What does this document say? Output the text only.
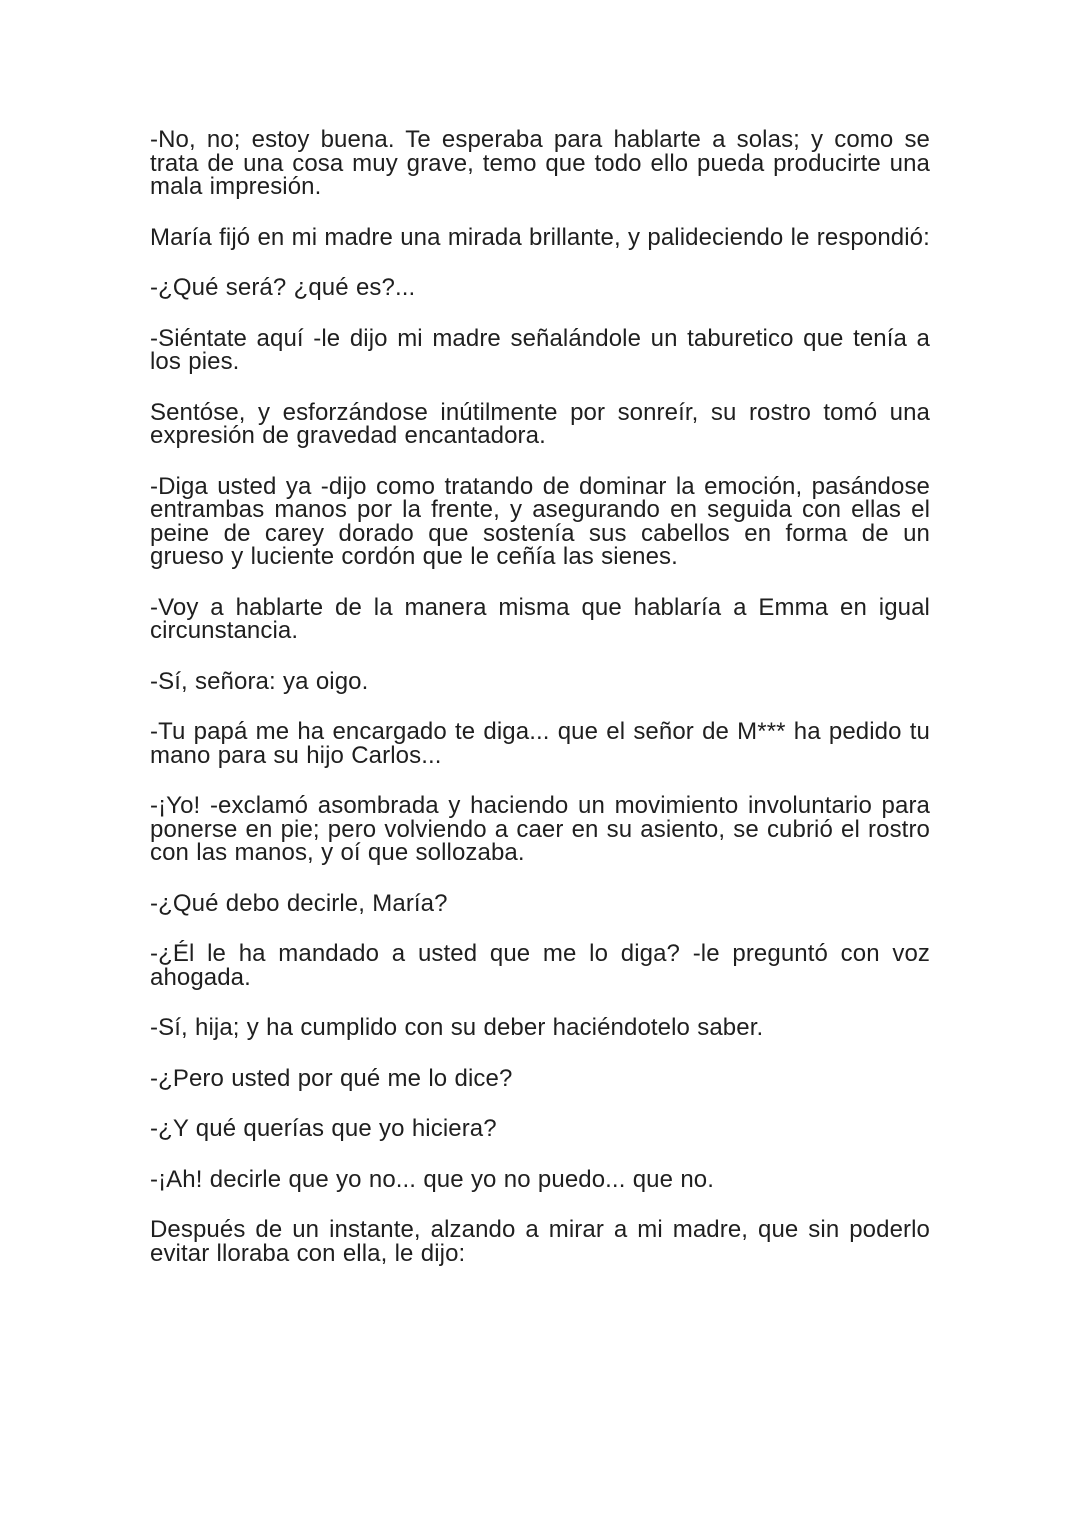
-No, no; estoy buena. Te esperaba para hablarte a solas; y como se trata de una cosa muy grave, temo que todo ello pueda producirte una mala impresión.

María fijó en mi madre una mirada brillante, y palideciendo le respondió:

-¿Qué será? ¿qué es?...

-Siéntate aquí -le dijo mi madre señalándole un taburetico que tenía a los pies.

Sentóse, y esforzándose inútilmente por sonreír, su rostro tomó una expresión de gravedad encantadora.

-Diga usted ya -dijo como tratando de dominar la emoción, pasándose entrambas manos por la frente, y asegurando en seguida con ellas el peine de carey dorado que sostenía sus cabellos en forma de un grueso y luciente cordón que le ceñía las sienes.

-Voy a hablarte de la manera misma que hablaría a Emma en igual circunstancia.

-Sí, señora: ya oigo.

-Tu papá me ha encargado te diga... que el señor de M*** ha pedido tu mano para su hijo Carlos...

-¡Yo! -exclamó asombrada y haciendo un movimiento involuntario para ponerse en pie; pero volviendo a caer en su asiento, se cubrió el rostro con las manos, y oí que sollozaba.

-¿Qué debo decirle, María?

-¿Él le ha mandado a usted que me lo diga? -le preguntó con voz ahogada.

-Sí, hija; y ha cumplido con su deber haciéndotelo saber.

-¿Pero usted por qué me lo dice?

-¿Y qué querías que yo hiciera?

-¡Ah! decirle que yo no... que yo no puedo... que no.

Después de un instante, alzando a mirar a mi madre, que sin poderlo evitar lloraba con ella, le dijo:
